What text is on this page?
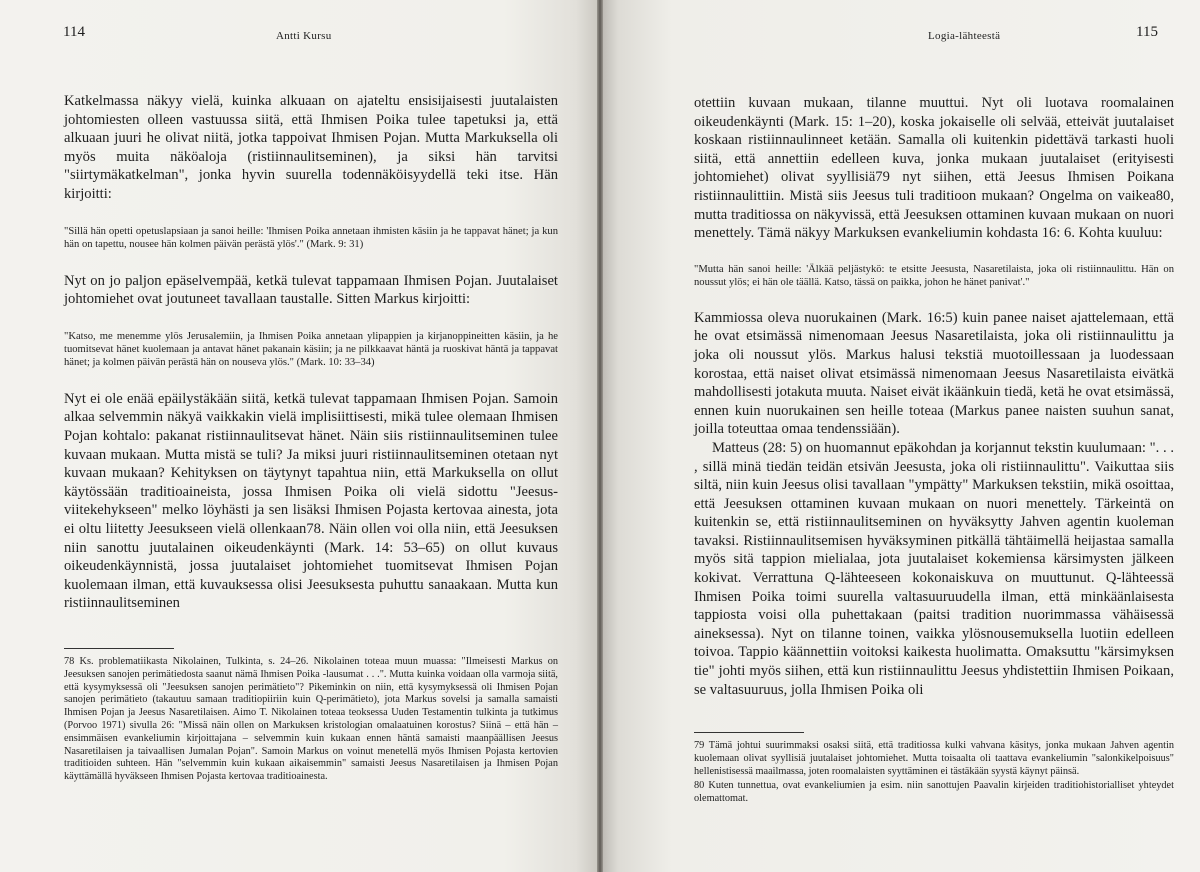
114	Antti Kursu

Katkelmassa näkyy vielä, kuinka alkuaan on ajateltu ensisijaisesti juutalaisten johtomiesten olleen vastuussa siitä, että Ihmisen Poika tulee tapetuksi ja, että alkuaan juuri he olivat niitä, jotka tappoivat Ihmisen Pojan. Mutta Markuksella oli myös muita näköaloja (ristiinnaulitseminen), ja siksi hän tarvitsi "siirtymäkatkelman", jonka hyvin suurella todennäköisyydellä teki itse. Hän kirjoitti:

"Sillä hän opetti opetuslapsiaan ja sanoi heille: 'Ihmisen Poika annetaan ihmisten käsiin ja he tappavat hänet; ja kun hän on tapettu, nousee hän kolmen päivän perästä ylös'." (Mark. 9: 31)

Nyt on jo paljon epäselvempää, ketkä tulevat tappamaan Ihmisen Pojan. Juutalaiset johtomiehet ovat joutuneet tavallaan taustalle. Sitten Markus kirjoitti:

"Katso, me menemme ylös Jerusalemiin, ja Ihmisen Poika annetaan ylipappien ja kirjanoppineitten käsiin, ja he tuomitsevat hänet kuolemaan ja antavat hänet pakanain käsiin; ja ne pilkkaavat häntä ja ruoskivat häntä ja tappavat hänet; ja kolmen päivän perästä hän on nouseva ylös." (Mark. 10: 33–34)

Nyt ei ole enää epäilystäkään siitä, ketkä tulevat tappamaan Ihmisen Pojan. Samoin alkaa selvemmin näkyä vaikkakin vielä implisiittisesti, mikä tulee olemaan Ihmisen Pojan kohtalo: pakanat ristiinnaulitsevat hänet. Näin siis ristiinnaulitseminen tulee kuvaan mukaan. Mutta mistä se tuli? Ja miksi juuri ristiinnaulitseminen otetaan nyt kuvaan mukaan? Kehityksen on täytynyt tapahtua niin, että Markuksella on ollut käytössään traditioaineista, jossa Ihmisen Poika oli vielä sidottu "Jeesus-viitekehykseen" melko löyhästi ja sen lisäksi Ihmisen Pojasta kertovaa ainesta, jota ei oltu liitetty Jeesukseen vielä ollenkaan78. Näin ollen voi olla niin, että Jeesuksen niin sanottu juutalainen oikeudenkäynti (Mark. 14: 53–65) on ollut kuvaus oikeudenkäynnistä, jossa juutalaiset johtomiehet tuomitsevat Ihmisen Pojan kuolemaan ilman, että kuvauksessa olisi Jeesuksesta puhuttu sanaakaan. Mutta kun ristiinnaulitseminen

78 Ks. problematiikasta Nikolainen, Tulkinta, s. 24–26. Nikolainen toteaa muun muassa: "Ilmeisesti Markus on Jeesuksen sanojen perimätiedosta saanut nämä Ihmisen Poika -lausumat . . .". Mutta kuinka voidaan olla varmoja siitä, että kysymyksessä oli "Jeesuksen sanojen perimätieto"? Pikeminkin on niin, että kysymyksessä oli Ihmisen Pojan sanojen perimätieto (takautuu samaan traditiopiiriin kuin Q-perimätieto), jota Markus sovelsi ja samalla samaisti Ihmisen Pojan ja Jeesus Nasaretilaisen. Aimo T. Nikolainen toteaa teoksessa Uuden Testamentin tulkinta ja tutkimus (Porvoo 1971) sivulla 26: "Missä näin ollen on Markuksen kristologian omalaatuinen korostus? Siinä – että hän – ensimmäisen evankeliumin kirjoittajana – selvemmin kuin kukaan ennen häntä samaisti maanpäällisen Jeesus Nasaretilaisen ja taivaallisen Jumalan Pojan". Samoin Markus on voinut menetellä myös Ihmisen Pojasta kertovien traditioiden suhteen. Hän "selvemmin kuin kukaan aikaisemmin" samaisti Jeesus Nasaretilaisen ja Ihmisen Pojan käyttämällä hyväkseen Ihmisen Pojasta kertovaa traditioainesta.

115
Logia-lähteestä

otettiin kuvaan mukaan, tilanne muuttui. Nyt oli luotava roomalainen oikeudenkäynti (Mark. 15: 1–20), koska jokaiselle oli selvää, etteivät juutalaiset koskaan ristiinnaulinneet ketään. Samalla oli kuitenkin pidettävä tarkasti huoli siitä, että annettiin edelleen kuva, jonka mukaan juutalaiset (erityisesti johtomiehet) olivat syyllisiä79 nyt siihen, että Jeesus Ihmisen Poikana ristiinnaulittiin. Mistä siis Jeesus tuli traditioon mukaan? Ongelma on vaikea80, mutta traditiossa on näkyvissä, että Jeesuksen ottaminen kuvaan mukaan on nuori menettely. Tämä näkyy Markuksen evankeliumin kohdasta 16: 6. Kohta kuuluu:

"Mutta hän sanoi heille: 'Älkää peljästykö: te etsitte Jeesusta, Nasaretilaista, joka oli ristiinnaulittu. Hän on noussut ylös; ei hän ole täällä. Katso, tässä on paikka, johon he hänet panivat'."

Kammiossa oleva nuorukainen (Mark. 16:5) kuin panee naiset ajattelemaan, että he ovat etsimässä nimenomaan Jeesus Nasaretilaista, joka oli ristiinnaulittu ja joka oli noussut ylös. Markus halusi tekstiä muotoillessaan ja luodessaan korostaa, että naiset olivat etsimässä nimenomaan Jeesus Nasaretilaista eivätkä mahdollisesti jotakuta muuta. Naiset eivät ikäänkuin tiedä, ketä he ovat etsimässä, ennen kuin nuorukainen sen heille toteaa (Markus panee naisten suuhun sanat, joilla toteuttaa omaa tendenssiään).

Matteus (28: 5) on huomannut epäkohdan ja korjannut tekstin kuulumaan: ". . . , sillä minä tiedän teidän etsivän Jeesusta, joka oli ristiinnaulittu". Vaikuttaa siis siltä, niin kuin Jeesus olisi tavallaan "ympätty" Markuksen tekstiin, mikä osoittaa, että Jeesuksen ottaminen kuvaan mukaan on nuori menettely. Tärkeintä on kuitenkin se, että ristiinnaulitseminen on hyväksytty Jahven agentin kuoleman tavaksi. Ristiinnaulitsemisen hyväksyminen pitkällä tähtäimellä heijastaa samalla myös sitä tappion mielialaa, jota juutalaiset kokemiensa kärsimysten jälkeen kokivat. Verrattuna Q-lähteeseen kokonaiskuva on muuttunut. Q-lähteessä Ihmisen Poika toimi suurella valtasuuruudella ilman, että minkäänlaisesta tappiosta voisi olla puhettakaan (paitsi tradition nuorimmassa vähäisessä aineksessa). Nyt on tilanne toinen, vaikka ylösnousemuksella luotiin edelleen toivoa. Tappio käännettiin voitoksi kaikesta huolimatta. Omaksuttu "kärsimyksen tie" johti myös siihen, että kun ristiinnaulittu Jeesus yhdistettiin Ihmisen Poikaan, se valtasuuruus, jolla Ihmisen Poika oli

79 Tämä johtui suurimmaksi osaksi siitä, että traditiossa kulki vahvana käsitys, jonka mukaan Jahven agentin kuolemaan olivat syyllisiä juutalaiset johtomiehet. Mutta toisaalta oli taattava evankeliumin "salonkikelpoisuus" hellenistisessä maailmassa, joten roomalaisten syyttäminen ei tästäkään syystä käynyt päinsä.

80 Kuten tunnettua, ovat evankeliumien ja esim. niin sanottujen Paavalin kirjeiden traditiohistorialliset yhteydet olemattomat.
